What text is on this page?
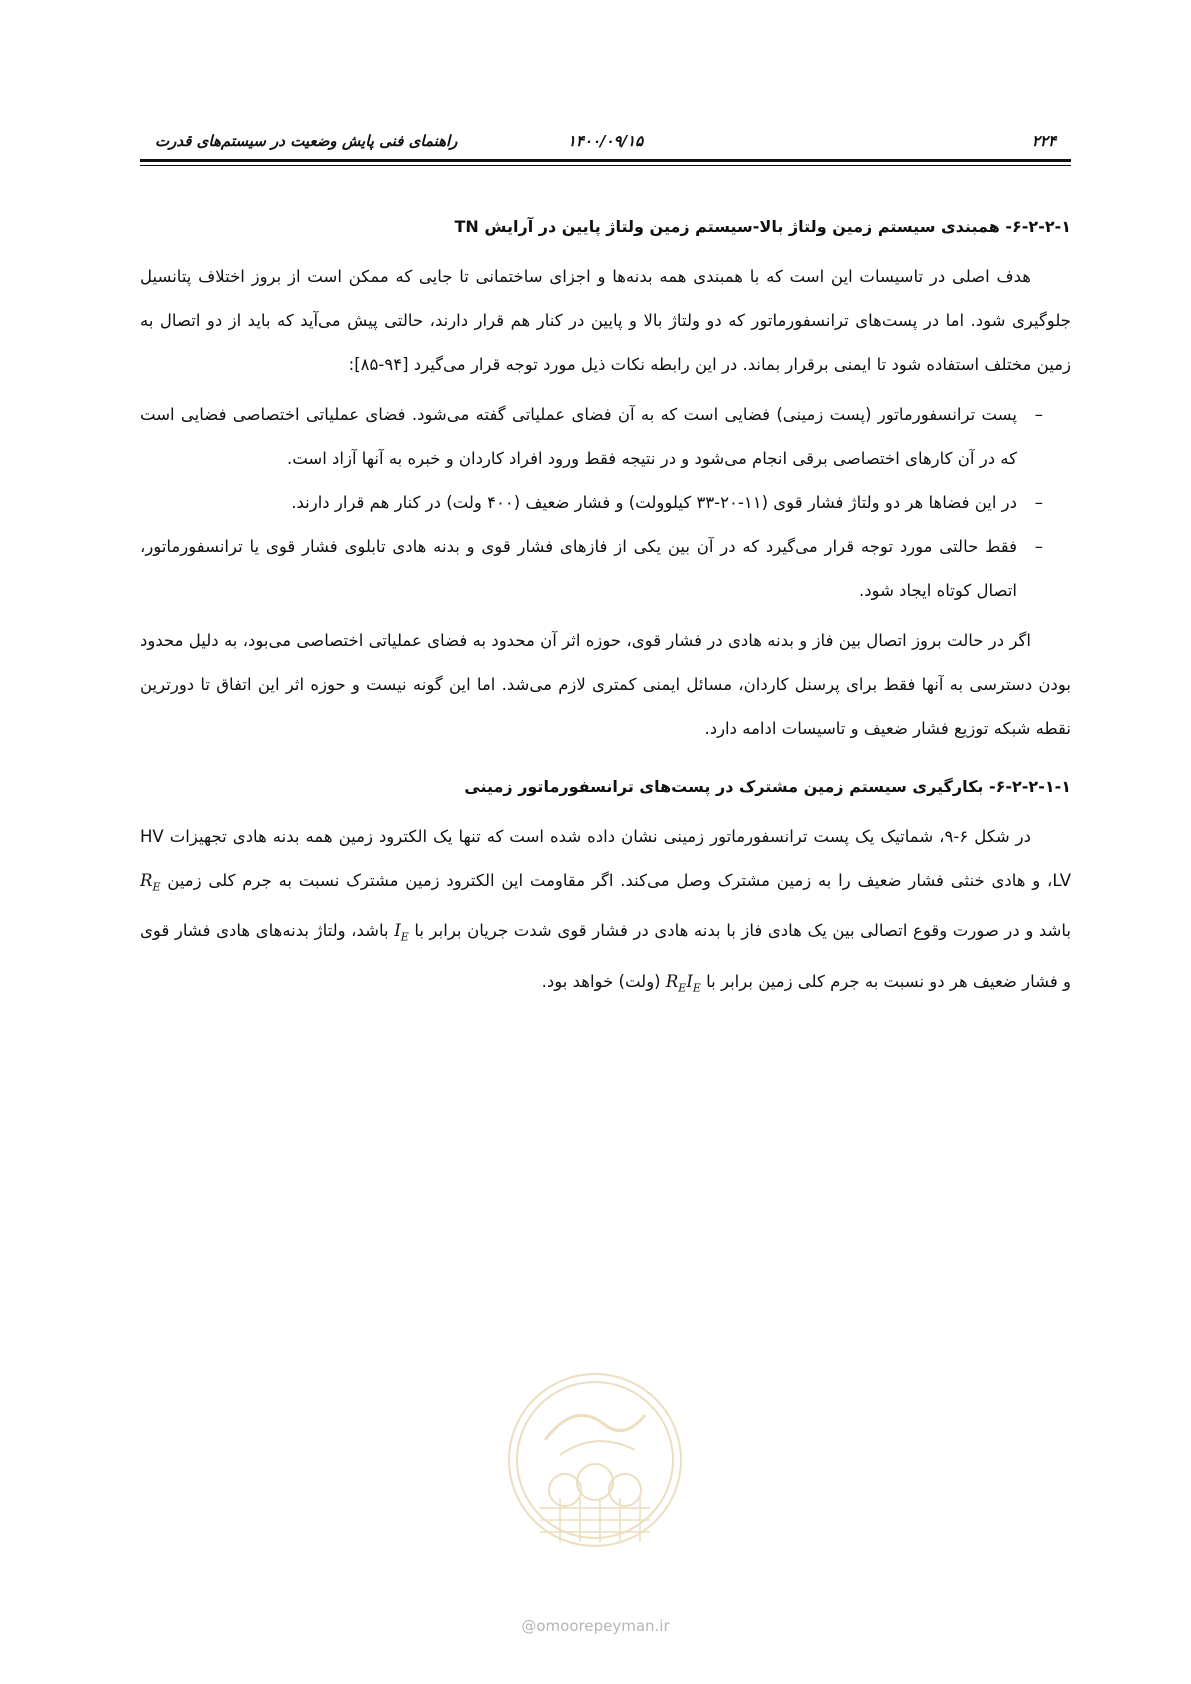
راهنمای فنی پایش وضعیت در سیستم‌های قدرت	۱۴۰۰/۰۹/۱۵	۲۲۴
۶-۲-۲-۱- همبندی سیستم زمین ولتاژ بالا-سیستم زمین ولتاژ پایین در آرایش TN

هدف اصلی در تاسیسات این است که با همبندی همه بدنه‌ها و اجزای ساختمانی تا جایی که ممکن است از بروز اختلاف پتانسیل جلوگیری شود. اما در پست‌های ترانسفورماتور که دو ولتاژ بالا و پایین در کنار هم قرار دارند، حالتی پیش می‌آید که باید از دو اتصال به زمین مختلف استفاده شود تا ایمنی برقرار بماند. در این رابطه نکات ذیل مورد توجه قرار می‌گیرد [۹۴-۸۵]:

–
پست ترانسفورماتور (پست زمینی) فضایی است که به آن فضای عملیاتی گفته می‌شود. فضای عملیاتی اختصاصی فضایی است که در آن کارهای اختصاصی برقی انجام می‌شود و در نتیجه فقط ورود افراد کاردان و خبره به آنها آزاد است.
–
در این فضاها هر دو ولتاژ فشار قوی (۱۱-۲۰-۳۳ کیلوولت) و فشار ضعیف (۴۰۰ ولت) در کنار هم قرار دارند.
–
فقط حالتی مورد توجه قرار می‌گیرد که در آن بین یکی از فازهای فشار قوی و بدنه هادی تابلوی فشار قوی یا ترانسفورماتور، اتصال کوتاه ایجاد شود.

اگر در حالت بروز اتصال بین فاز و بدنه هادی در فشار قوی، حوزه اثر آن محدود به فضای عملیاتی اختصاصی می‌بود، به دلیل محدود بودن دسترسی به آنها فقط برای پرسنل کاردان، مسائل ایمنی کمتری لازم می‌شد. اما این گونه نیست و حوزه اثر این اتفاق تا دورترین نقطه شبکه توزیع فشار ضعیف و تاسیسات ادامه دارد.

۶-۲-۲-۱-۱- بکارگیری سیستم زمین مشترک در پست‌های ترانسفورماتور زمینی

در شکل ۶-۹، شماتیک یک پست ترانسفورماتور زمینی نشان داده شده است که تنها یک الکترود زمین همه بدنه هادی تجهیزات HV ،LV و هادی خنثی فشار ضعیف را به زمین مشترک وصل می‌کند. اگر مقاومت این الکترود زمین مشترک نسبت به جرم کلی زمین $R_E$ باشد و در صورت وقوع اتصالی بین یک هادی فاز با بدنه هادی در فشار قوی شدت جریان برابر با $I_E$ باشد، ولتاژ بدنه‌های هادی فشار قوی و فشار ضعیف هر دو نسبت به جرم کلی زمین برابر با $R_EI_E$ (ولت) خواهد بود.

@omoorepeyman.ir
